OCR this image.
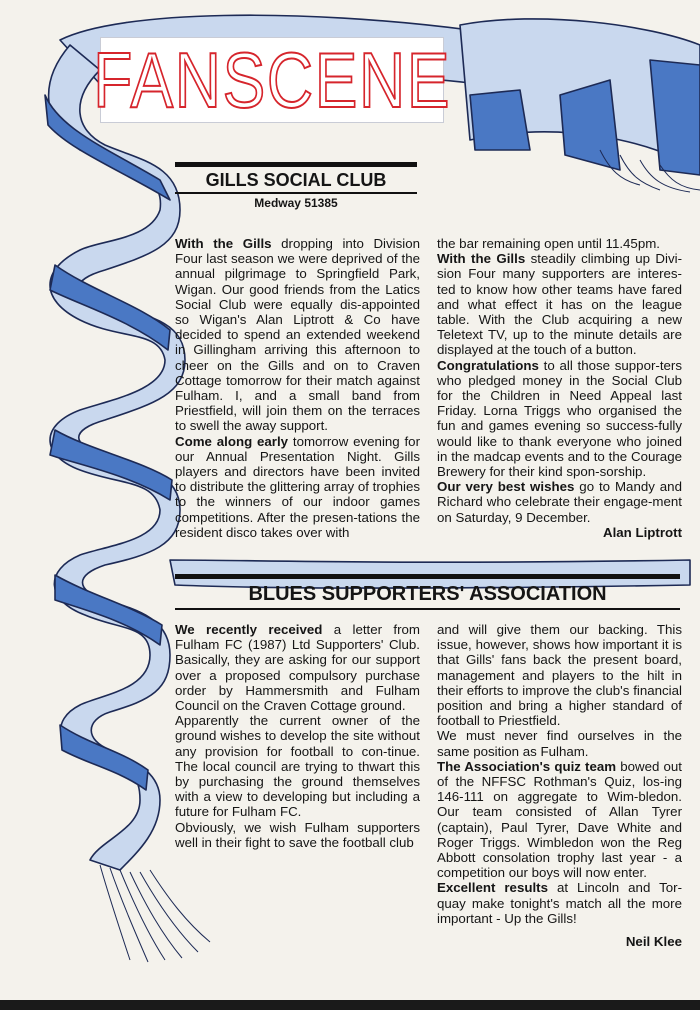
FANSCENE
GILLS SOCIAL CLUB
Medway 51385

With the Gills dropping into Division Four last season we were deprived of the annual pilgrimage to Springfield Park, Wigan. Our good friends from the Latics Social Club were equally dis-appointed so Wigan's Alan Liptrott & Co have decided to spend an extended weekend in Gillingham arriving this afternoon to cheer on the Gills and on to Craven Cottage tomorrow for their match against Fulham. I, and a small band from Priestfield, will join them on the terraces to swell the away support.

Come along early tomorrow evening for our Annual Presentation Night. Gills players and directors have been invited to distribute the glittering array of trophies to the winners of our indoor games competitions. After the presen-tations the resident disco takes over with

the bar remaining open until 11.45pm.

With the Gills steadily climbing up Divi-sion Four many supporters are interes-ted to know how other teams have fared and what effect it has on the league table. With the Club acquiring a new Teletext TV, up to the minute details are displayed at the touch of a button.

Congratulations to all those suppor-ters who pledged money in the Social Club for the Children in Need Appeal last Friday. Lorna Triggs who organised the fun and games evening so success-fully would like to thank everyone who joined in the madcap events and to the Courage Brewery for their kind spon-sorship.

Our very best wishes go to Mandy and Richard who celebrate their engage-ment on Saturday, 9 December.

Alan Liptrott

BLUES SUPPORTERS' ASSOCIATION

We recently received a letter from Fulham FC (1987) Ltd Supporters' Club. Basically, they are asking for our support over a proposed compulsory purchase order by Hammersmith and Fulham Council on the Craven Cottage ground.

Apparently the current owner of the ground wishes to develop the site without any provision for football to con-tinue. The local council are trying to thwart this by purchasing the ground themselves with a view to developing but including a future for Fulham FC.

Obviously, we wish Fulham supporters well in their fight to save the football club

and will give them our backing. This issue, however, shows how important it is that Gills' fans back the present board, management and players to the hilt in their efforts to improve the club's financial position and bring a higher standard of football to Priestfield.

We must never find ourselves in the same position as Fulham.

The Association's quiz team bowed out of the NFFSC Rothman's Quiz, los-ing 146-111 on aggregate to Wim-bledon. Our team consisted of Allan Tyrer (captain), Paul Tyrer, Dave White and Roger Triggs. Wimbledon won the Reg Abbott consolation trophy last year - a competition our boys will now enter.

Excellent results at Lincoln and Tor-quay make tonight's match all the more important - Up the Gills!

Neil Klee
